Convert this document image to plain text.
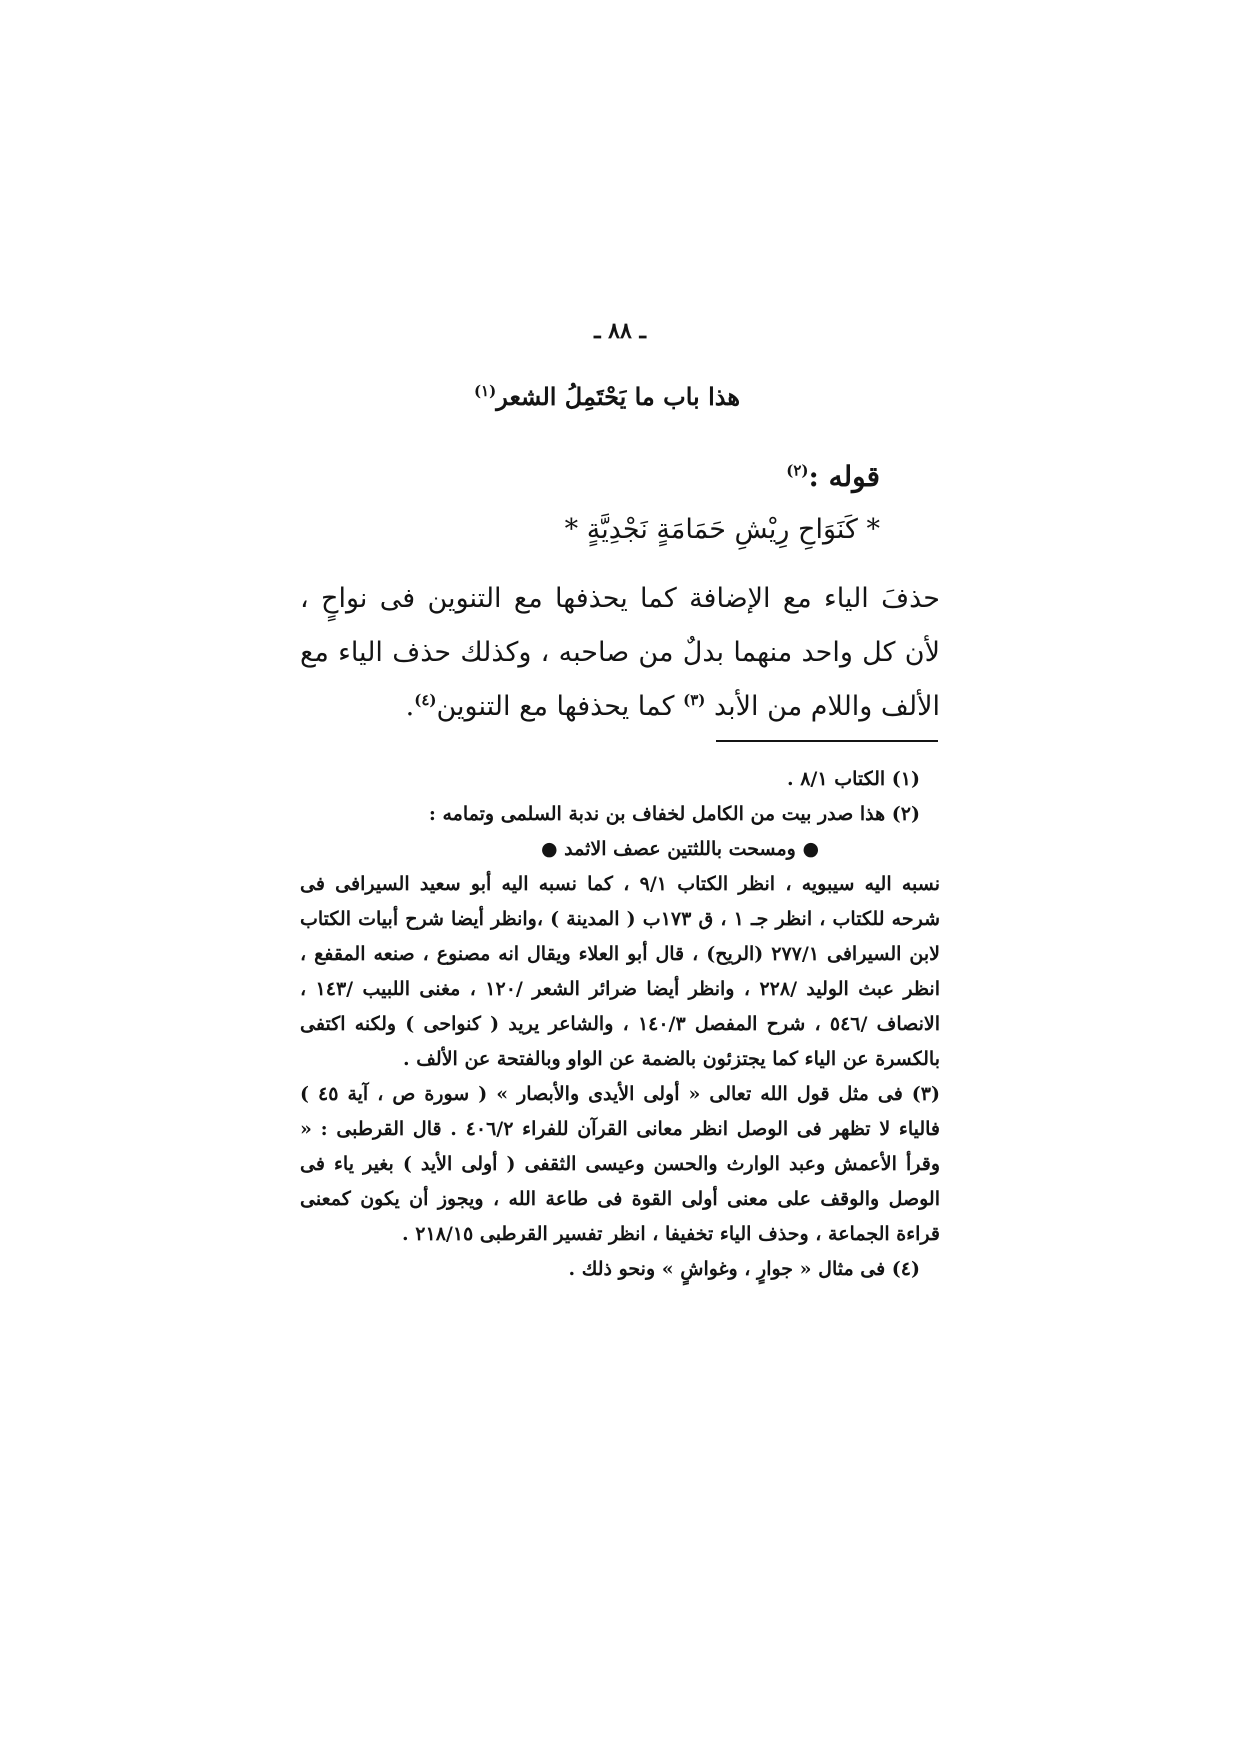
ـ ٨٨ ـ
هذا باب ما يَحْتَمِلُ الشعر$^{(١)}$
قوله :$^{(٢)}$
* كَنَوَاحِ رِيْشِ حَمَامَةٍ نَجْدِيَّةٍ *
حذفَ الياء مع الإضافة كما يحذفها مع التنوين فى نواحٍ ، لأن كل واحد منهما بدلٌ من صاحبه ، وكذلك حذف الياء مع الألف واللام من الأبد $^{(٣)}$ كما يحذفها مع التنوين$^{(٤)}$.

(١) الكتاب ٨/١ .

(٢) هذا صدر بيت من الكامل لخفاف بن ندبة السلمى وتمامه :

● ومسحت باللثتين عصف الاثمد ●

نسبه اليه سيبويه ، انظر الكتاب ٩/١ ، كما نسبه اليه أبو سعيد السيرافى فى شرحه للكتاب ، انظر جـ ١ ، ق ١٧٣ب ( المدينة ) ،وانظر أيضا شرح أبيات الكتاب لابن السيرافى ٢٧٧/١ (الريح) ، قال أبو العلاء ويقال انه مصنوع ، صنعه المقفع ، انظر عبث الوليد /٢٢٨ ، وانظر أيضا ضرائر الشعر /١٢٠ ، مغنى اللبيب /١٤٣ ، الانصاف /٥٤٦ ، شرح المفصل ١٤٠/٣ ، والشاعر يريد ( كنواحى ) ولكنه اكتفى بالكسرة عن الياء كما يجتزئون بالضمة عن الواو وبالفتحة عن الألف .

(٣) فى مثل قول الله تعالى « أولى الأيدى والأبصار » ( سورة ص ، آية ٤٥ ) فالياء لا تظهر فى الوصل انظر معانى القرآن للفراء ٤٠٦/٢ . قال القرطبى : « وقرأ الأعمش وعبد الوارث والحسن وعيسى الثقفى ( أولى الأيد ) بغير ياء فى الوصل والوقف على معنى أولى القوة فى طاعة الله ، ويجوز أن يكون كمعنى قراءة الجماعة ، وحذف الياء تخفيفا ، انظر تفسير القرطبى ٢١٨/١٥ .

(٤) فى مثال « جوارٍ ، وغواشٍ » ونحو ذلك .
